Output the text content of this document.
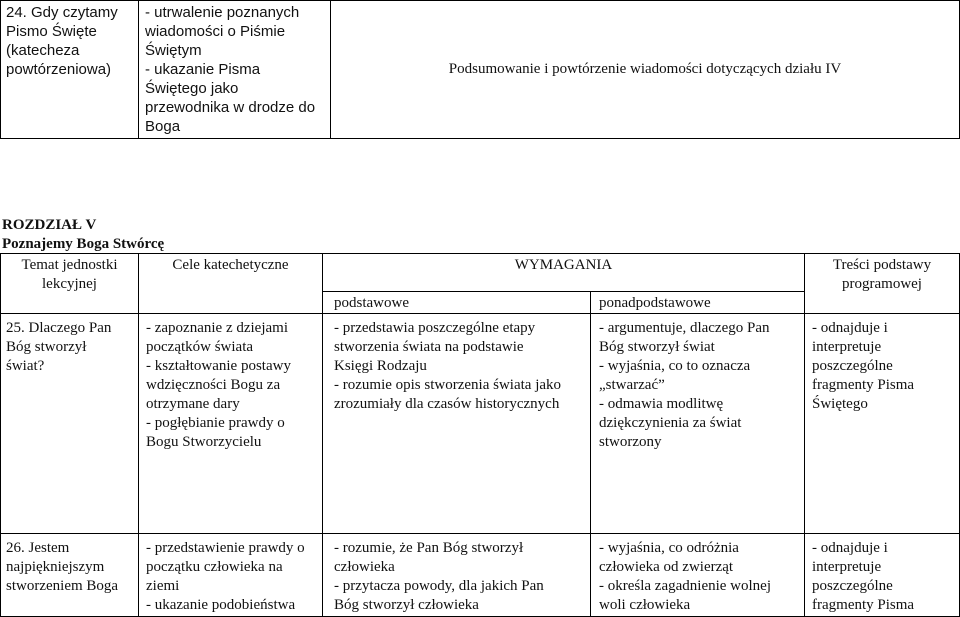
24. Gdy czytamy
Pismo Święte
(katecheza
powtórzeniowa)
- utrwalenie poznanych
wiadomości o Piśmie
Świętym
- ukazanie Pisma
Świętego jako
przewodnika w drodze do
Boga
Podsumowanie i powtórzenie wiadomości dotyczących działu IV
ROZDZIAŁ V
Poznajemy Boga Stwórcę
Temat jednostki
lekcyjnej
Cele katechetyczne	WYMAGANIA
podstawowe	ponadpodstawowe
Treści podstawy
programowej
25. Dlaczego Pan
Bóg stworzył
świat?
- zapoznanie z dziejami
początków świata
- kształtowanie postawy
wdzięczności Bogu za
otrzymane dary
- pogłębianie prawdy o
Bogu Stworzycielu
- przedstawia poszczególne etapy
stworzenia świata na podstawie
Księgi Rodzaju
- rozumie opis stworzenia świata jako
zrozumiały dla czasów historycznych
- argumentuje, dlaczego Pan
Bóg stworzył świat
- wyjaśnia, co to oznacza
„stwarzać”
- odmawia modlitwę
dziękczynienia za świat
stworzony
- odnajduje i
interpretuje
poszczególne
fragmenty Pisma
Świętego
26. Jestem
najpiękniejszym
stworzeniem Boga
- przedstawienie prawdy o
początku człowieka na
ziemi
- ukazanie podobieństwa
- rozumie, że Pan Bóg stworzył
człowieka
- przytacza powody, dla jakich Pan
Bóg stworzył człowieka
- wyjaśnia, co odróżnia
człowieka od zwierząt
- określa zagadnienie wolnej
woli człowieka
- odnajduje i
interpretuje
poszczególne
fragmenty Pisma
